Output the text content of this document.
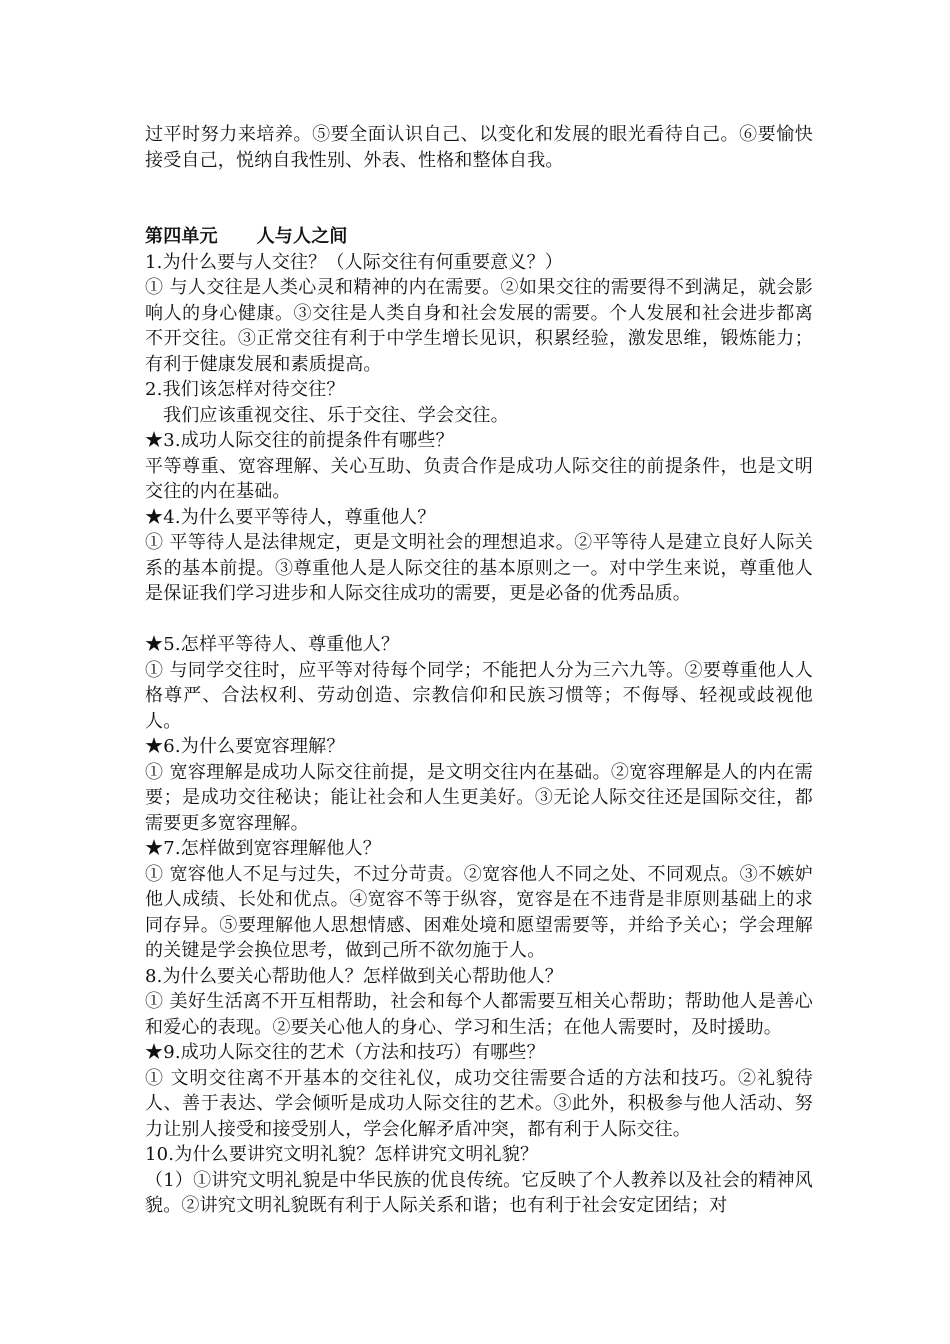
过平时努力来培养。⑤要全面认识自己、以变化和发展的眼光看待自己。⑥要愉快接受自己，悦纳自我性别、外表、性格和整体自我。

第四单元      人与人之间

1.为什么要与人交往？（人际交往有何重要意义？）

① 与人交往是人类心灵和精神的内在需要。②如果交往的需要得不到满足，就会影响人的身心健康。③交往是人类自身和社会发展的需要。个人发展和社会进步都离不开交往。③正常交往有利于中学生增长见识，积累经验，激发思维，锻炼能力；有利于健康发展和素质提高。

2.我们该怎样对待交往？

我们应该重视交往、乐于交往、学会交往。

★3.成功人际交往的前提条件有哪些？

平等尊重、宽容理解、关心互助、负责合作是成功人际交往的前提条件，也是文明交往的内在基础。

★4.为什么要平等待人，尊重他人？

① 平等待人是法律规定，更是文明社会的理想追求。②平等待人是建立良好人际关系的基本前提。③尊重他人是人际交往的基本原则之一。对中学生来说，尊重他人是保证我们学习进步和人际交往成功的需要，更是必备的优秀品质。

★5.怎样平等待人、尊重他人？

① 与同学交往时，应平等对待每个同学；不能把人分为三六九等。②要尊重他人人格尊严、合法权利、劳动创造、宗教信仰和民族习惯等；不侮辱、轻视或歧视他人。

★6.为什么要宽容理解？

① 宽容理解是成功人际交往前提，是文明交往内在基础。②宽容理解是人的内在需要；是成功交往秘诀；能让社会和人生更美好。③无论人际交往还是国际交往，都需要更多宽容理解。

★7.怎样做到宽容理解他人？

① 宽容他人不足与过失，不过分苛责。②宽容他人不同之处、不同观点。③不嫉妒他人成绩、长处和优点。④宽容不等于纵容，宽容是在不违背是非原则基础上的求同存异。⑤要理解他人思想情感、困难处境和愿望需要等，并给予关心；学会理解的关键是学会换位思考，做到己所不欲勿施于人。

8.为什么要关心帮助他人？怎样做到关心帮助他人？

① 美好生活离不开互相帮助，社会和每个人都需要互相关心帮助；帮助他人是善心和爱心的表现。②要关心他人的身心、学习和生活；在他人需要时，及时援助。

★9.成功人际交往的艺术（方法和技巧）有哪些？

① 文明交往离不开基本的交往礼仪，成功交往需要合适的方法和技巧。②礼貌待人、善于表达、学会倾听是成功人际交往的艺术。③此外，积极参与他人活动、努力让别人接受和接受别人，学会化解矛盾冲突，都有利于人际交往。

10.为什么要讲究文明礼貌？怎样讲究文明礼貌？

（1）①讲究文明礼貌是中华民族的优良传统。它反映了个人教养以及社会的精神风貌。②讲究文明礼貌既有利于人际关系和谐；也有利于社会安定团结；对
